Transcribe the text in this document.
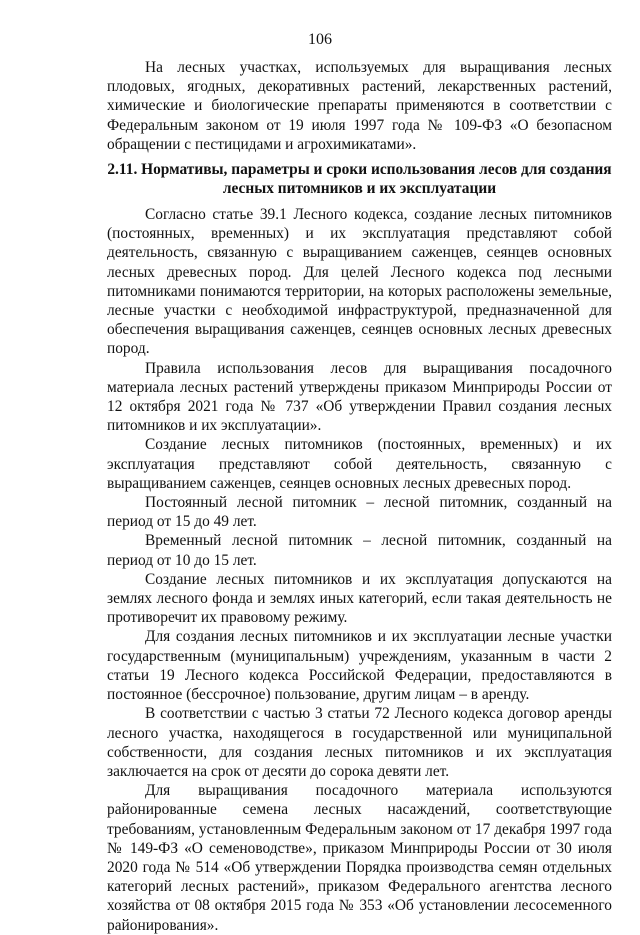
106

На лесных участках, используемых для выращивания лесных плодовых, ягодных, декоративных растений, лекарственных растений, химические и биологические препараты применяются в соответствии с Федеральным законом от 19 июля 1997 года № 109-ФЗ «О безопасном обращении с пестицидами и агрохимикатами».

2.11. Нормативы, параметры и сроки использования лесов для создания лесных питомников и их эксплуатации

Согласно статье 39.1 Лесного кодекса, создание лесных питомников (постоянных, временных) и их эксплуатация представляют собой деятельность, связанную с выращиванием саженцев, сеянцев основных лесных древесных пород. Для целей Лесного кодекса под лесными питомниками понимаются территории, на которых расположены земельные, лесные участки с необходимой инфраструктурой, предназначенной для обеспечения выращивания саженцев, сеянцев основных лесных древесных пород.

Правила использования лесов для выращивания посадочного материала лесных растений утверждены приказом Минприроды России от 12 октября 2021 года № 737 «Об утверждении Правил создания лесных питомников и их эксплуатации».

Создание лесных питомников (постоянных, временных) и их эксплуатация представляют собой деятельность, связанную с выращиванием саженцев, сеянцев основных лесных древесных пород.

Постоянный лесной питомник – лесной питомник, созданный на период от 15 до 49 лет.

Временный лесной питомник – лесной питомник, созданный на период от 10 до 15 лет.

Создание лесных питомников и их эксплуатация допускаются на землях лесного фонда и землях иных категорий, если такая деятельность не противоречит их правовому режиму.

Для создания лесных питомников и их эксплуатации лесные участки государственным (муниципальным) учреждениям, указанным в части 2 статьи 19 Лесного кодекса Российской Федерации, предоставляются в постоянное (бессрочное) пользование, другим лицам – в аренду.

В соответствии с частью 3 статьи 72 Лесного кодекса договор аренды лесного участка, находящегося в государственной или муниципальной собственности, для создания лесных питомников и их эксплуатация заключается на срок от десяти до сорока девяти лет.

Для выращивания посадочного материала используются районированные семена лесных насаждений, соответствующие требованиям, установленным Федеральным законом от 17 декабря 1997 года № 149-ФЗ «О семеноводстве», приказом Минприроды России от 30 июля 2020 года № 514 «Об утверждении Порядка производства семян отдельных категорий лесных растений», приказом Федерального агентства лесного хозяйства от 08 октября 2015 года № 353 «Об установлении лесосеменного районирования».
